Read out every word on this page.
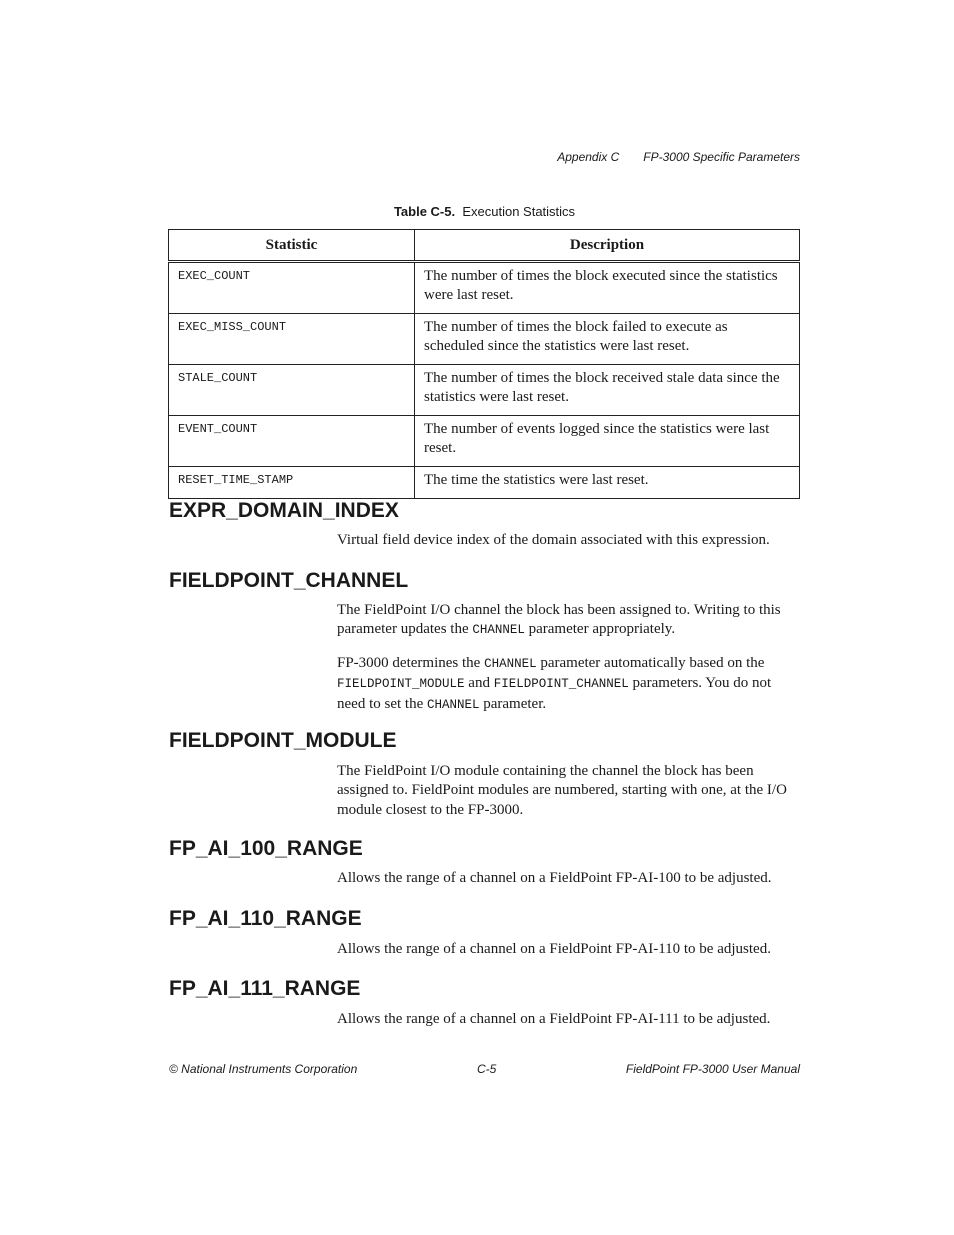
Appendix C FP-3000 Specific Parameters
Table C-5. Execution Statistics
Statistic	Description
EXEC_COUNT	The number of times the block executed since the statistics were last reset.
EXEC_MISS_COUNT	The number of times the block failed to execute as scheduled since the statistics were last reset.
STALE_COUNT	The number of times the block received stale data since the statistics were last reset.
EVENT_COUNT	The number of events logged since the statistics were last reset.
RESET_TIME_STAMP	The time the statistics were last reset.
EXPR_DOMAIN_INDEX

Virtual field device index of the domain associated with this expression.

FIELDPOINT_CHANNEL

The FieldPoint I/O channel the block has been assigned to. Writing to this parameter updates the CHANNEL parameter appropriately.

FP-3000 determines the CHANNEL parameter automatically based on the FIELDPOINT_MODULE and FIELDPOINT_CHANNEL parameters. You do not need to set the CHANNEL parameter.

FIELDPOINT_MODULE

The FieldPoint I/O module containing the channel the block has been assigned to. FieldPoint modules are numbered, starting with one, at the I/O module closest to the FP-3000.

FP_AI_100_RANGE

Allows the range of a channel on a FieldPoint FP-AI-100 to be adjusted.

FP_AI_110_RANGE

Allows the range of a channel on a FieldPoint FP-AI-110 to be adjusted.

FP_AI_111_RANGE

Allows the range of a channel on a FieldPoint FP-AI-111 to be adjusted.

© National Instruments Corporation	C-5	FieldPoint FP-3000 User Manual
